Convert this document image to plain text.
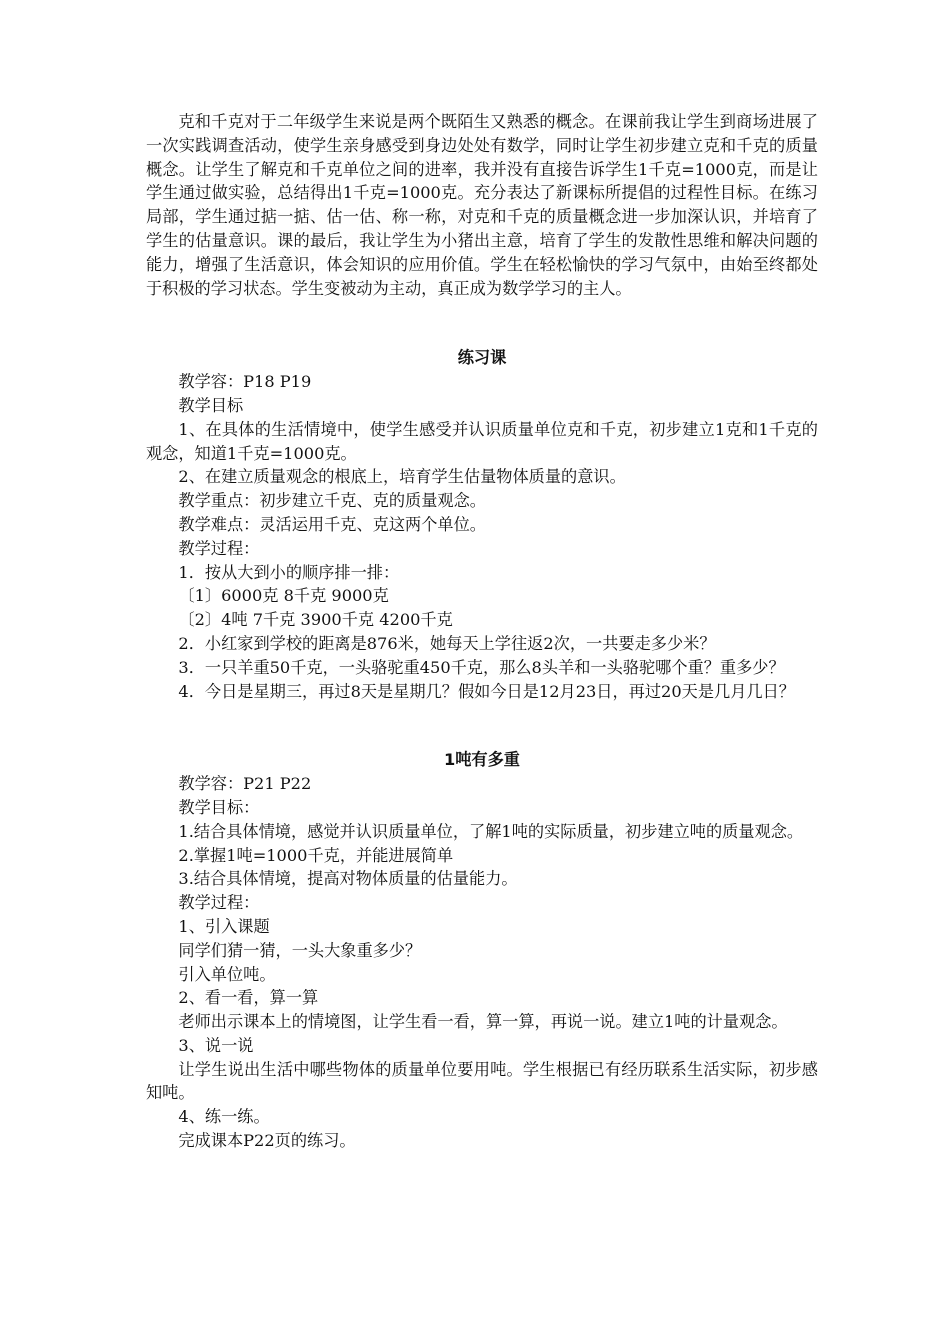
克和千克对于二年级学生来说是两个既陌生又熟悉的概念。在课前我让学生到商场进展了一次实践调查活动，使学生亲身感受到身边处处有数学，同时让学生初步建立克和千克的质量概念。让学生了解克和千克单位之间的进率，我并没有直接告诉学生1千克=1000克，而是让学生通过做实验，总结得出1千克=1000克。充分表达了新课标所提倡的过程性目标。在练习局部，学生通过掂一掂、估一估、称一称，对克和千克的质量概念进一步加深认识，并培育了学生的估量意识。课的最后，我让学生为小猪出主意，培育了学生的发散性思维和解决问题的能力，增强了生活意识，体会知识的应用价值。学生在轻松愉快的学习气氛中，由始至终都处于积极的学习状态。学生变被动为主动，真正成为数学学习的主人。

练习课

教学容：P18 P19

教学目标

1、在具体的生活情境中，使学生感受并认识质量单位克和千克，初步建立1克和1千克的观念，知道1千克=1000克。

2、在建立质量观念的根底上，培育学生估量物体质量的意识。

教学重点：初步建立千克、克的质量观念。

教学难点：灵活运用千克、克这两个单位。

教学过程：

1．按从大到小的顺序排一排：

〔1〕6000克 8千克 9000克

〔2〕4吨 7千克 3900千克 4200千克

2．小红家到学校的距离是876米，她每天上学往返2次，一共要走多少米？

3．一只羊重50千克，一头骆驼重450千克，那么8头羊和一头骆驼哪个重？重多少？

4．今日是星期三，再过8天是星期几？假如今日是12月23日，再过20天是几月几日？

1吨有多重

教学容：P21 P22

教学目标：

1.结合具体情境，感觉并认识质量单位，了解1吨的实际质量，初步建立吨的质量观念。

2.掌握1吨=1000千克，并能进展简单

3.结合具体情境，提高对物体质量的估量能力。

教学过程：

1、引入课题

同学们猜一猜，一头大象重多少？

引入单位吨。

2、看一看，算一算

老师出示课本上的情境图，让学生看一看，算一算，再说一说。建立1吨的计量观念。

3、说一说

让学生说出生活中哪些物体的质量单位要用吨。学生根据已有经历联系生活实际，初步感知吨。

4、练一练。

完成课本P22页的练习。
